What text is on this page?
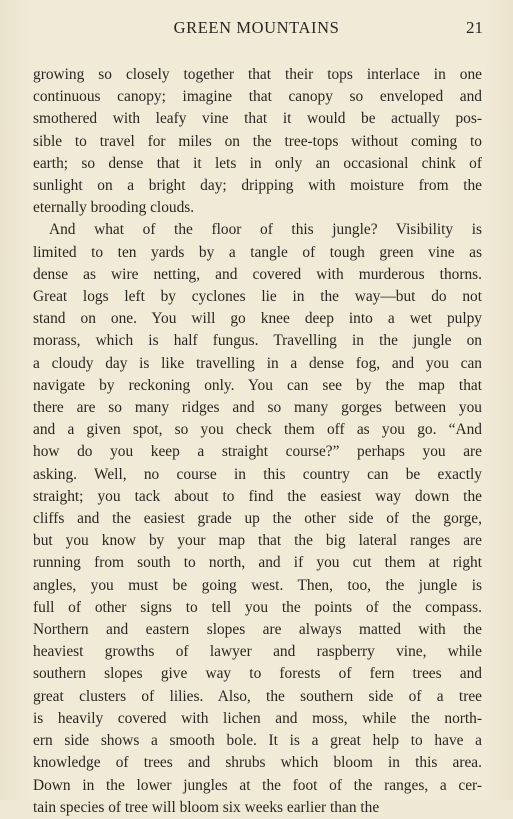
GREEN MOUNTAINS	21

growing so closely together that their tops interlace in one
continuous canopy; imagine that canopy so enveloped and
smothered with leafy vine that it would be actually pos-
sible to travel for miles on the tree-tops without coming to
earth; so dense that it lets in only an occasional chink of
sunlight on a bright day; dripping with moisture from the
eternally brooding clouds.

And what of the floor of this jungle? Visibility is
limited to ten yards by a tangle of tough green vine as
dense as wire netting, and covered with murderous thorns.
Great logs left by cyclones lie in the way—but do not
stand on one. You will go knee deep into a wet pulpy
morass, which is half fungus. Travelling in the jungle on
a cloudy day is like travelling in a dense fog, and you can
navigate by reckoning only. You can see by the map that
there are so many ridges and so many gorges between you
and a given spot, so you check them off as you go. “And
how do you keep a straight course?” perhaps you are
asking. Well, no course in this country can be exactly
straight; you tack about to find the easiest way down the
cliffs and the easiest grade up the other side of the gorge,
but you know by your map that the big lateral ranges are
running from south to north, and if you cut them at right
angles, you must be going west. Then, too, the jungle is
full of other signs to tell you the points of the compass.
Northern and eastern slopes are always matted with the
heaviest growths of lawyer and raspberry vine, while
southern slopes give way to forests of fern trees and
great clusters of lilies. Also, the southern side of a tree
is heavily covered with lichen and moss, while the north-
ern side shows a smooth bole. It is a great help to have a
knowledge of trees and shrubs which bloom in this area.
Down in the lower jungles at the foot of the ranges, a cer-
tain species of tree will bloom six weeks earlier than the
